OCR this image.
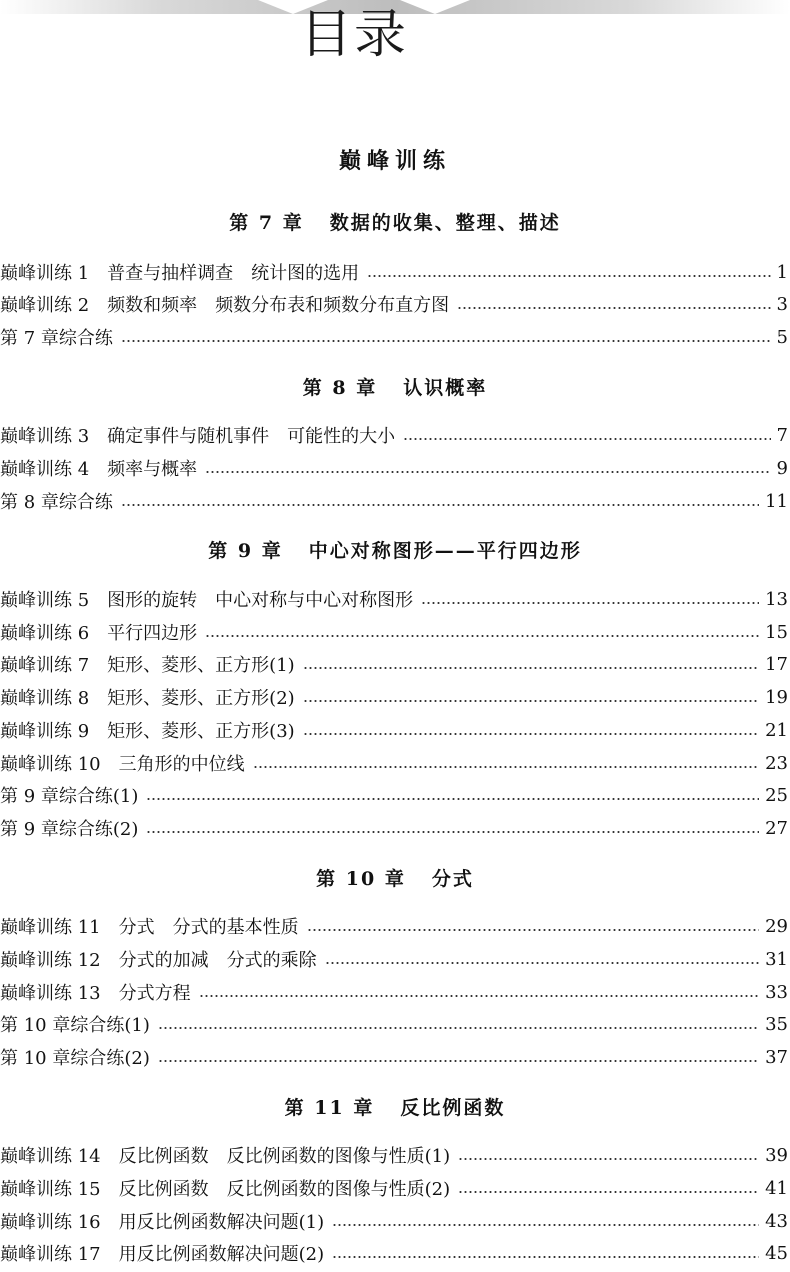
目录
巅峰训练
第 7 章 数据的收集、整理、描述
巅峰训练 1　普查与抽样调查　统计图的选用	1
巅峰训练 2　频数和频率　频数分布表和频数分布直方图	3
第 7 章综合练	5
第 8 章 认识概率
巅峰训练 3　确定事件与随机事件　可能性的大小	7
巅峰训练 4　频率与概率	9
第 8 章综合练	11
第 9 章 中心对称图形——平行四边形
巅峰训练 5　图形的旋转　中心对称与中心对称图形	13
巅峰训练 6　平行四边形	15
巅峰训练 7　矩形、菱形、正方形(1)	17
巅峰训练 8　矩形、菱形、正方形(2)	19
巅峰训练 9　矩形、菱形、正方形(3)	21
巅峰训练 10　三角形的中位线	23
第 9 章综合练(1)	25
第 9 章综合练(2)	27
第 10 章 分式
巅峰训练 11　分式　分式的基本性质	29
巅峰训练 12　分式的加减　分式的乘除	31
巅峰训练 13　分式方程	33
第 10 章综合练(1)	35
第 10 章综合练(2)	37
第 11 章 反比例函数
巅峰训练 14　反比例函数　反比例函数的图像与性质(1)	39
巅峰训练 15　反比例函数　反比例函数的图像与性质(2)	41
巅峰训练 16　用反比例函数解决问题(1)	43
巅峰训练 17　用反比例函数解决问题(2)	45
